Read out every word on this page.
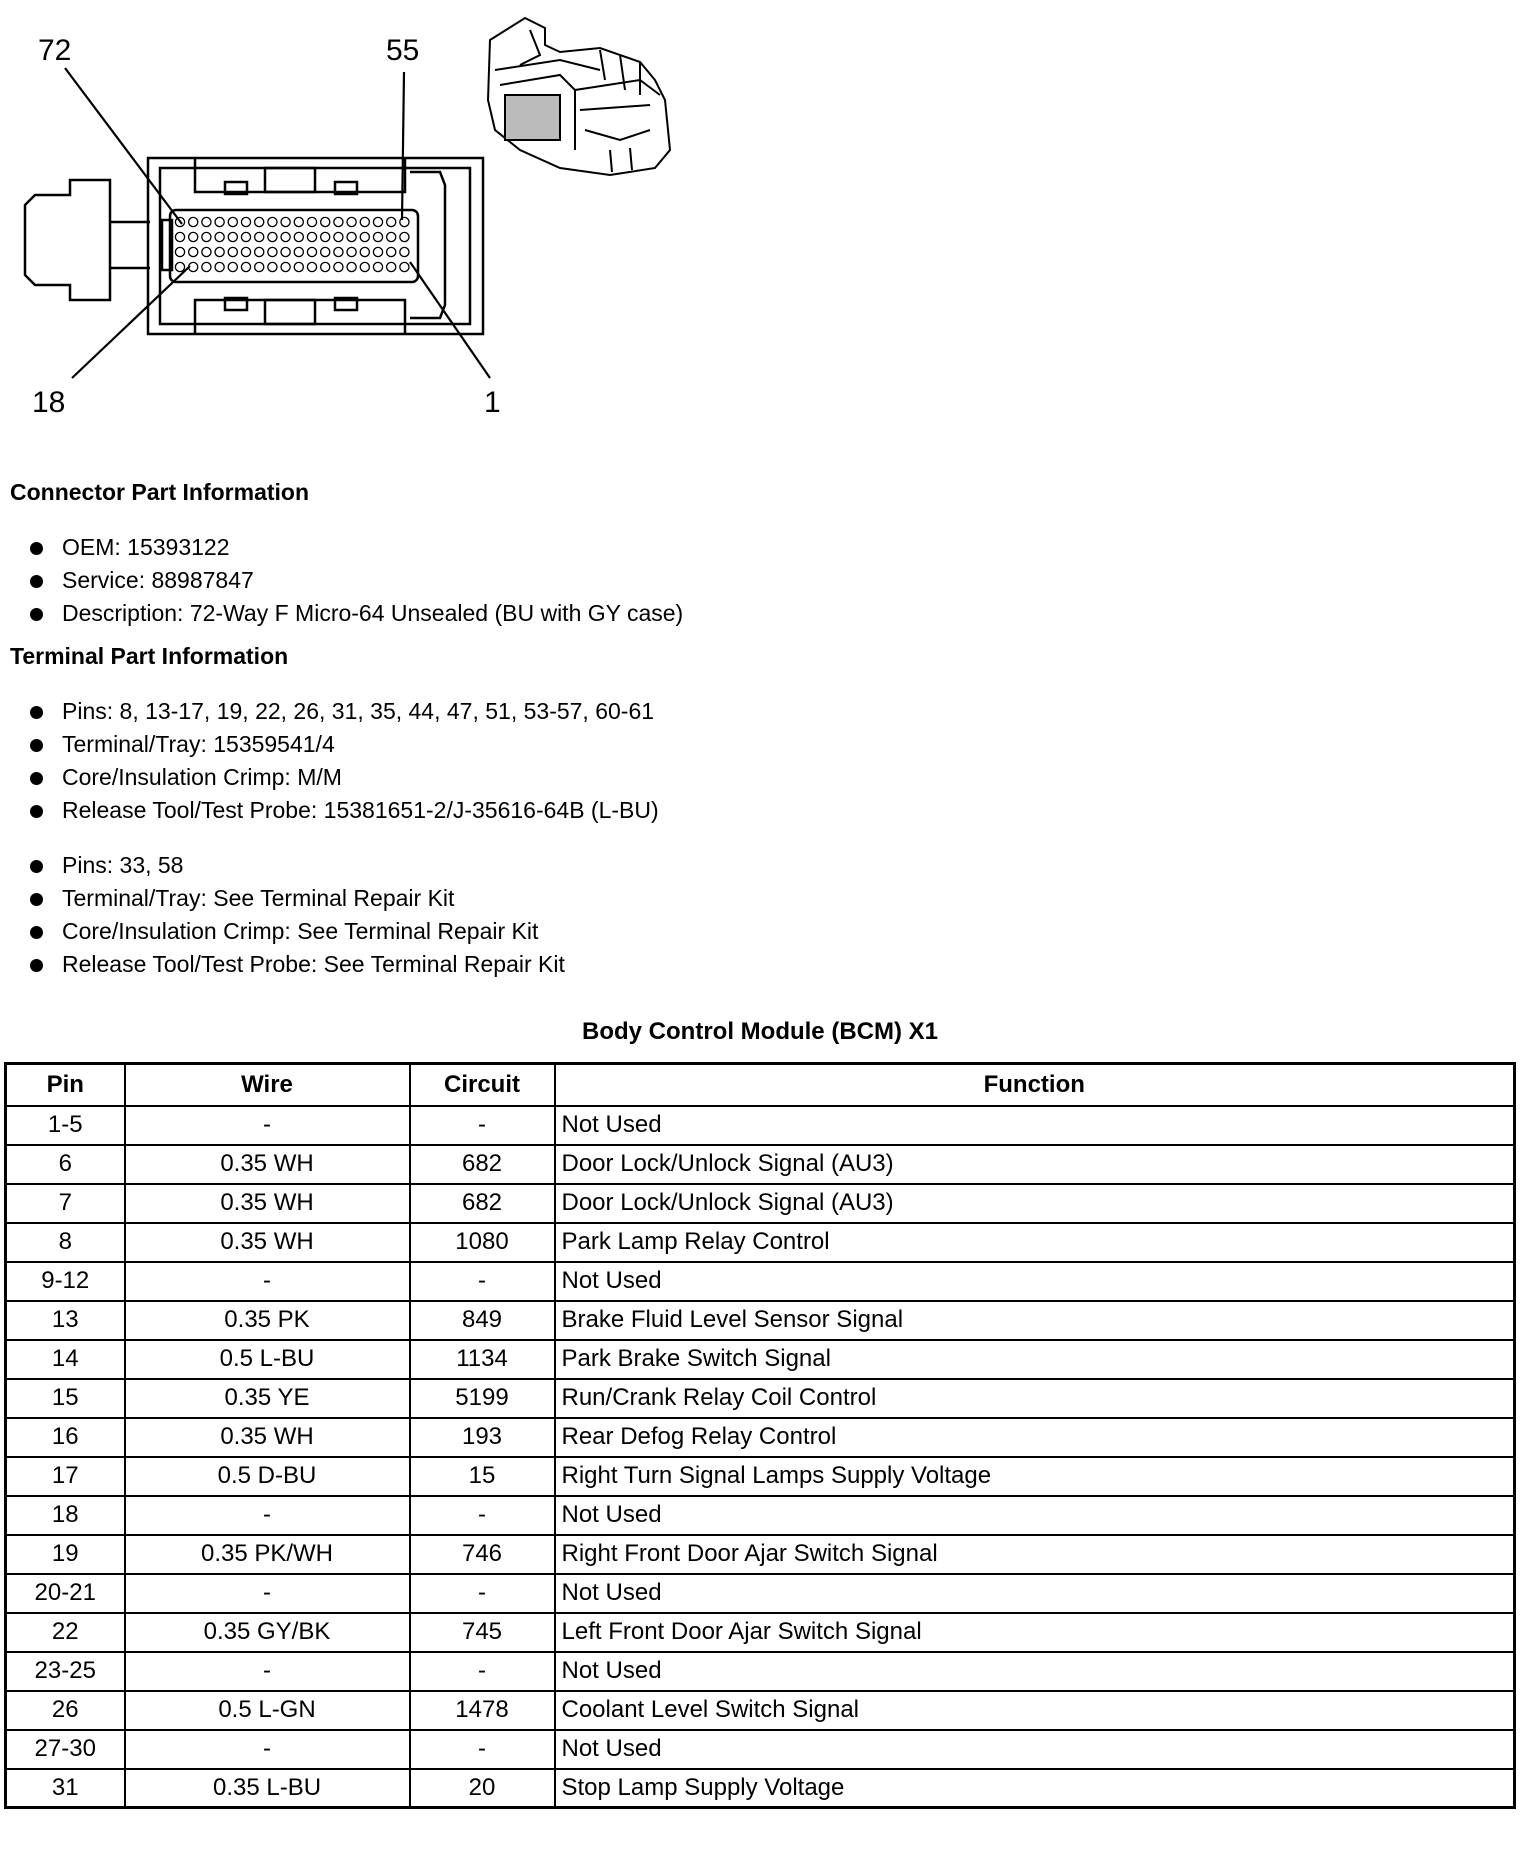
72	55
18	1
Connector Part Information
OEM: 15393122
Service: 88987847
Description: 72-Way F Micro-64 Unsealed (BU with GY case)
Terminal Part Information
Pins: 8, 13-17, 19, 22, 26, 31, 35, 44, 47, 51, 53-57, 60-61
Terminal/Tray: 15359541/4
Core/Insulation Crimp: M/M
Release Tool/Test Probe: 15381651-2/J-35616-64B (L-BU)
Pins: 33, 58
Terminal/Tray: See Terminal Repair Kit
Core/Insulation Crimp: See Terminal Repair Kit
Release Tool/Test Probe: See Terminal Repair Kit
Body Control Module (BCM) X1
Pin	Wire	Circuit	Function
1-5	-	-	Not Used
6	0.35 WH	682	Door Lock/Unlock Signal (AU3)
7	0.35 WH	682	Door Lock/Unlock Signal (AU3)
8	0.35 WH	1080	Park Lamp Relay Control
9-12	-	-	Not Used
13	0.35 PK	849	Brake Fluid Level Sensor Signal
14	0.5 L-BU	1134	Park Brake Switch Signal
15	0.35 YE	5199	Run/Crank Relay Coil Control
16	0.35 WH	193	Rear Defog Relay Control
17	0.5 D-BU	15	Right Turn Signal Lamps Supply Voltage
18	-	-	Not Used
19	0.35 PK/WH	746	Right Front Door Ajar Switch Signal
20-21	-	-	Not Used
22	0.35 GY/BK	745	Left Front Door Ajar Switch Signal
23-25	-	-	Not Used
26	0.5 L-GN	1478	Coolant Level Switch Signal
27-30	-	-	Not Used
31	0.35 L-BU	20	Stop Lamp Supply Voltage
